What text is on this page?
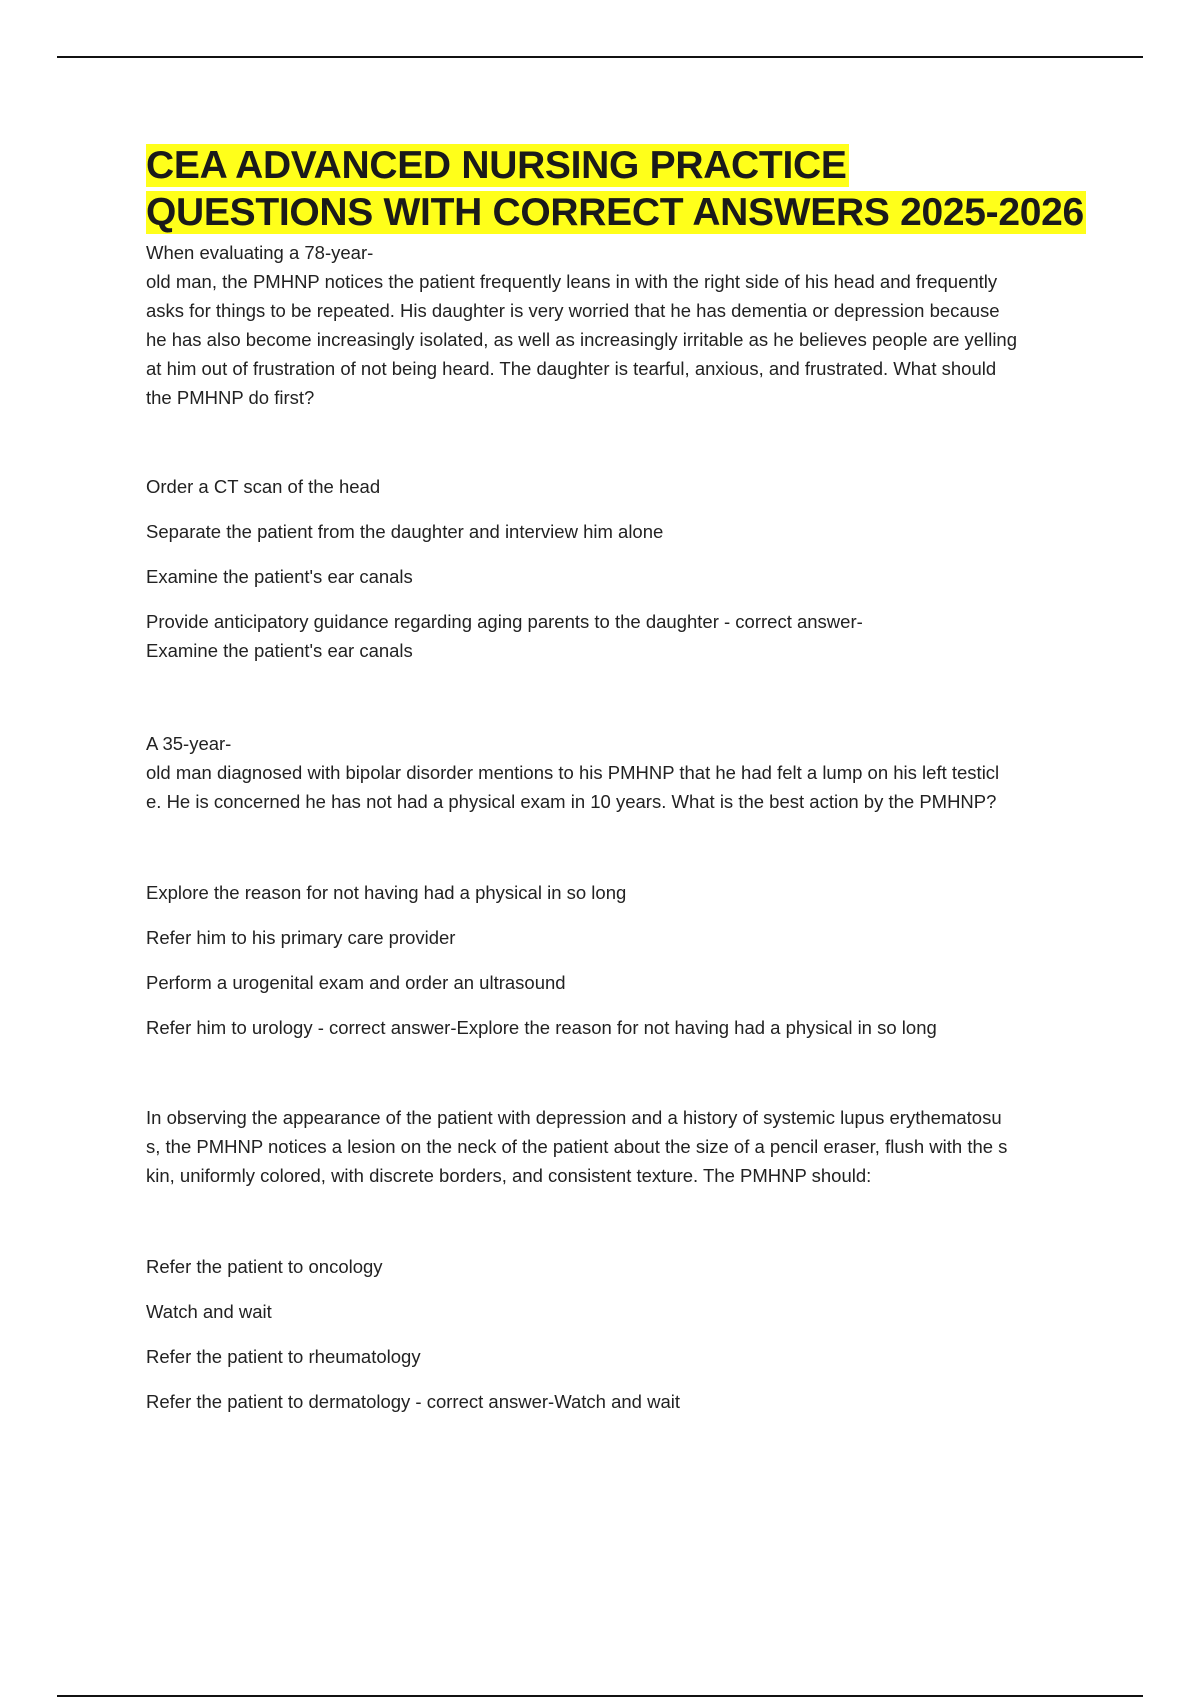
CEA ADVANCED NURSING PRACTICE
QUESTIONS WITH CORRECT ANSWERS 2025-2026

When evaluating a 78-year-
old man, the PMHNP notices the patient frequently leans in with the right side of his head and frequently
asks for things to be repeated. His daughter is very worried that he has dementia or depression because
he has also become increasingly isolated, as well as increasingly irritable as he believes people are yelling
at him out of frustration of not being heard. The daughter is tearful, anxious, and frustrated. What should
the PMHNP do first?

Order a CT scan of the head
Separate the patient from the daughter and interview him alone
Examine the patient's ear canals
Provide anticipatory guidance regarding aging parents to the daughter - correct answer-
Examine the patient's ear canals

A 35-year-
old man diagnosed with bipolar disorder mentions to his PMHNP that he had felt a lump on his left testicl
e. He is concerned he has not had a physical exam in 10 years. What is the best action by the PMHNP?

Explore the reason for not having had a physical in so long
Refer him to his primary care provider
Perform a urogenital exam and order an ultrasound
Refer him to urology - correct answer-Explore the reason for not having had a physical in so long

In observing the appearance of the patient with depression and a history of systemic lupus erythematosu
s, the PMHNP notices a lesion on the neck of the patient about the size of a pencil eraser, flush with the s
kin, uniformly colored, with discrete borders, and consistent texture. The PMHNP should:

Refer the patient to oncology
Watch and wait
Refer the patient to rheumatology
Refer the patient to dermatology - correct answer-Watch and wait
